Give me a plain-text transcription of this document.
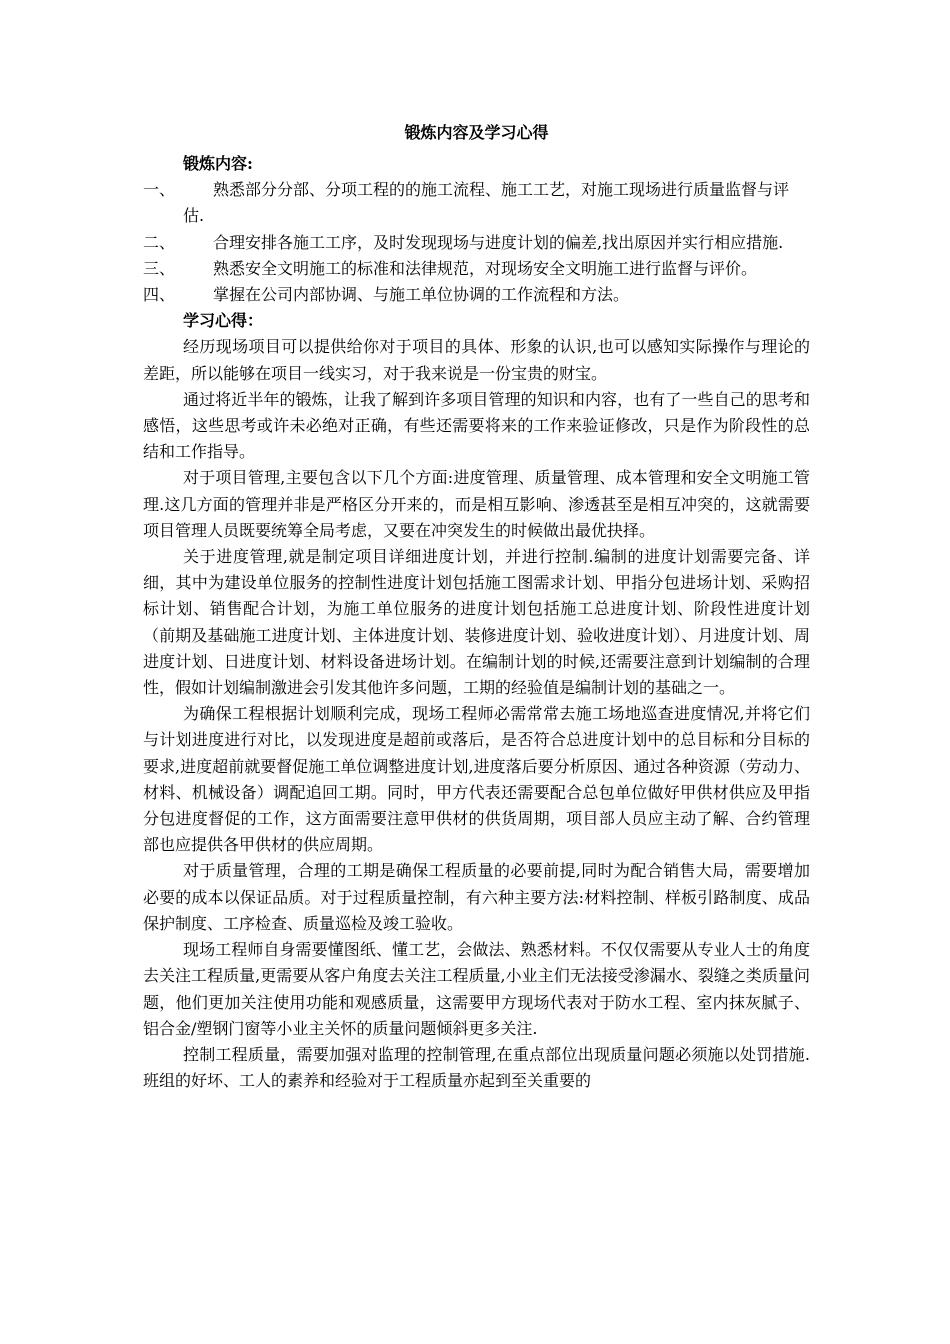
锻炼内容及学习心得
锻炼内容:
一、	熟悉部分分部、分项工程的的施工流程、施工工艺，对施工现场进行质量监督与评估.
二、	合理安排各施工工序，及时发现现场与进度计划的偏差,找出原因并实行相应措施.
三、	熟悉安全文明施工的标准和法律规范，对现场安全文明施工进行监督与评价。
四、	掌握在公司内部协调、与施工单位协调的工作流程和方法。
学习心得：

经历现场项目可以提供给你对于项目的具体、形象的认识,也可以感知实际操作与理论的差距，所以能够在项目一线实习，对于我来说是一份宝贵的财宝。

通过将近半年的锻炼，让我了解到许多项目管理的知识和内容，也有了一些自己的思考和感悟，这些思考或许未必绝对正确，有些还需要将来的工作来验证修改，只是作为阶段性的总结和工作指导。

对于项目管理,主要包含以下几个方面:进度管理、质量管理、成本管理和安全文明施工管理.这几方面的管理并非是严格区分开来的，而是相互影响、渗透甚至是相互冲突的，这就需要项目管理人员既要统筹全局考虑，又要在冲突发生的时候做出最优抉择。

关于进度管理,就是制定项目详细进度计划，并进行控制.编制的进度计划需要完备、详细，其中为建设单位服务的控制性进度计划包括施工图需求计划、甲指分包进场计划、采购招标计划、销售配合计划，为施工单位服务的进度计划包括施工总进度计划、阶段性进度计划（前期及基础施工进度计划、主体进度计划、装修进度计划、验收进度计划）、月进度计划、周进度计划、日进度计划、材料设备进场计划。在编制计划的时候,还需要注意到计划编制的合理性，假如计划编制激进会引发其他许多问题，工期的经验值是编制计划的基础之一。

为确保工程根据计划顺利完成，现场工程师必需常常去施工场地巡查进度情况,并将它们与计划进度进行对比，以发现进度是超前或落后，是否符合总进度计划中的总目标和分目标的要求,进度超前就要督促施工单位调整进度计划,进度落后要分析原因、通过各种资源（劳动力、材料、机械设备）调配追回工期。同时，甲方代表还需要配合总包单位做好甲供材供应及甲指分包进度督促的工作，这方面需要注意甲供材的供货周期，项目部人员应主动了解、合约管理部也应提供各甲供材的供应周期。

对于质量管理，合理的工期是确保工程质量的必要前提,同时为配合销售大局，需要增加必要的成本以保证品质。对于过程质量控制，有六种主要方法:材料控制、样板引路制度、成品保护制度、工序检查、质量巡检及竣工验收。

现场工程师自身需要懂图纸、懂工艺，会做法、熟悉材料。不仅仅需要从专业人士的角度去关注工程质量,更需要从客户角度去关注工程质量,小业主们无法接受渗漏水、裂缝之类质量问题，他们更加关注使用功能和观感质量，这需要甲方现场代表对于防水工程、室内抹灰腻子、铝合金/塑钢门窗等小业主关怀的质量问题倾斜更多关注.

控制工程质量，需要加强对监理的控制管理,在重点部位出现质量问题必须施以处罚措施.班组的好坏、工人的素养和经验对于工程质量亦起到至关重要的
